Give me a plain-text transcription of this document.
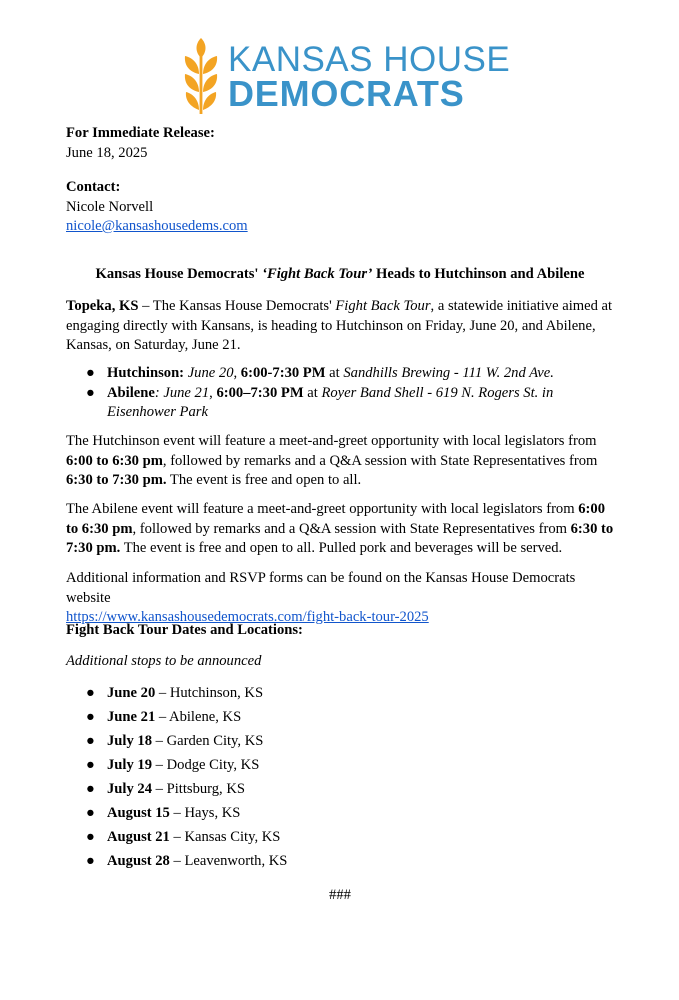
KANSAS HOUSE
DEMOCRATS

For Immediate Release:

June 18, 2025

Contact:

Nicole Norvell

nicole@kansashousedems.com

Kansas House Democrats' ‘Fight Back Tour’ Heads to Hutchinson and Abilene

Topeka, KS – The Kansas House Democrats' Fight Back Tour, a statewide initiative aimed at engaging directly with Kansans, is heading to Hutchinson on Friday, June 20, and Abilene, Kansas, on Saturday, June 21.

● Hutchinson: June 20, 6:00-7:30 PM at Sandhills Brewing - 111 W. 2nd Ave.
● Abilene: June 21, 6:00–7:30 PM at Royer Band Shell - 619 N. Rogers St. in Eisenhower Park

The Hutchinson event will feature a meet-and-greet opportunity with local legislators from 6:00 to 6:30 pm, followed by remarks and a Q&A session with State Representatives from 6:30 to 7:30 pm. The event is free and open to all.

The Abilene event will feature a meet-and-greet opportunity with local legislators from 6:00 to 6:30 pm, followed by remarks and a Q&A session with State Representatives from 6:30 to 7:30 pm. The event is free and open to all. Pulled pork and beverages will be served.

Additional information and RSVP forms can be found on the Kansas House Democrats website

https://www.kansashousedemocrats.com/fight-back-tour-2025

Fight Back Tour Dates and Locations:

Additional stops to be announced

● June 20 – Hutchinson, KS
● June 21 – Abilene, KS
● July 18 – Garden City, KS
● July 19 – Dodge City, KS
● July 24 – Pittsburg, KS
● August 15 – Hays, KS
● August 21 – Kansas City, KS
● August 28 – Leavenworth, KS
###
